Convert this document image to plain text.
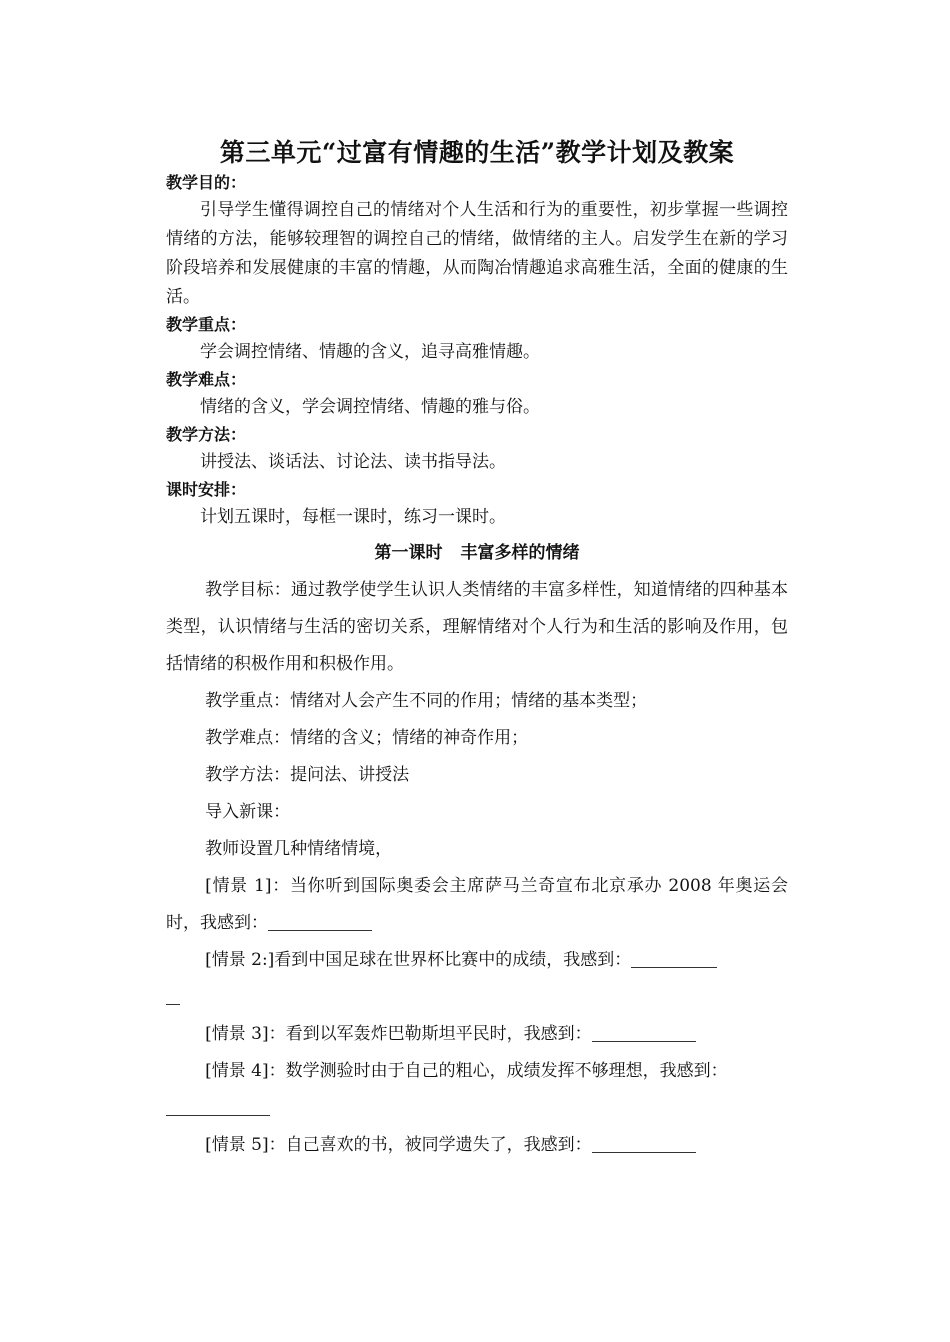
第三单元“过富有情趣的生活”教学计划及教案

教学目的：

引导学生懂得调控自己的情绪对个人生活和行为的重要性，初步掌握一些调控情绪的方法，能够较理智的调控自己的情绪，做情绪的主人。启发学生在新的学习阶段培养和发展健康的丰富的情趣，从而陶冶情趣追求高雅生活，全面的健康的生活。

教学重点：

学会调控情绪、情趣的含义，追寻高雅情趣。

教学难点：

情绪的含义，学会调控情绪、情趣的雅与俗。

教学方法：

讲授法、谈话法、讨论法、读书指导法。

课时安排：

计划五课时，每框一课时，练习一课时。

第一课时 丰富多样的情绪

教学目标：通过教学使学生认识人类情绪的丰富多样性，知道情绪的四种基本类型，认识情绪与生活的密切关系，理解情绪对个人行为和生活的影响及作用，包括情绪的积极作用和积极作用。

教学重点：情绪对人会产生不同的作用；情绪的基本类型；

教学难点：情绪的含义；情绪的神奇作用；

教学方法：提问法、讲授法

导入新课：

教师设置几种情绪情境，

[情景 1]：当你听到国际奥委会主席萨马兰奇宣布北京承办 2008 年奥运会时，我感到：

[情景 2:]看到中国足球在世界杯比赛中的成绩，我感到：

[情景 3]：看到以军轰炸巴勒斯坦平民时，我感到：

[情景 4]：数学测验时由于自己的粗心，成绩发挥不够理想，我感到：

[情景 5]：自己喜欢的书，被同学遗失了，我感到：
